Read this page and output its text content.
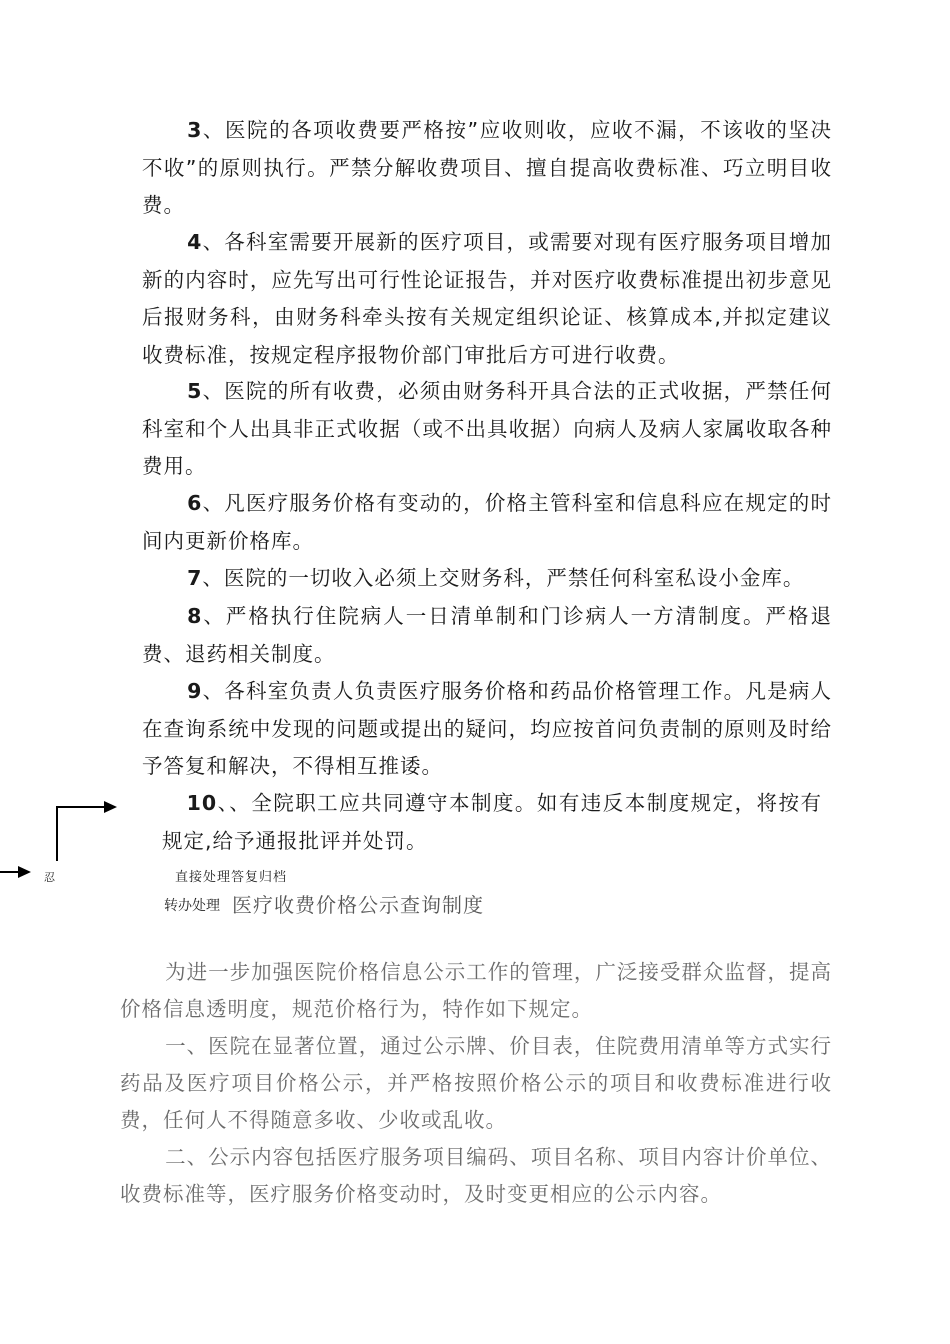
3、医院的各项收费要严格按”应收则收，应收不漏，不该收的坚决不收”的原则执行。严禁分解收费项目、擅自提高收费标准、巧立明目收费。

4、各科室需要开展新的医疗项目，或需要对现有医疗服务项目增加新的内容时，应先写出可行性论证报告，并对医疗收费标准提出初步意见后报财务科，由财务科牵头按有关规定组织论证、核算成本,并拟定建议收费标准，按规定程序报物价部门审批后方可进行收费。

5、医院的所有收费，必须由财务科开具合法的正式收据，严禁任何科室和个人出具非正式收据（或不出具收据）向病人及病人家属收取各种费用。

6、凡医疗服务价格有变动的，价格主管科室和信息科应在规定的时间内更新价格库。

7、医院的一切收入必须上交财务科，严禁任何科室私设小金库。

8、严格执行住院病人一日清单制和门诊病人一方清制度。严格退费、退药相关制度。

9、各科室负责人负责医疗服务价格和药品价格管理工作。凡是病人在查询系统中发现的问题或提出的疑问，均应按首问负责制的原则及时给予答复和解决，不得相互推诿。

10、、全院职工应共同遵守本制度。如有违反本制度规定，将按有规定,给予通报批评并处罚。

忍	直接处理答复归档
转办处理 医疗收费价格公示查询制度

为进一步加强医院价格信息公示工作的管理，广泛接受群众监督，提高价格信息透明度，规范价格行为，特作如下规定。

一、医院在显著位置，通过公示牌、价目表，住院费用清单等方式实行药品及医疗项目价格公示，并严格按照价格公示的项目和收费标准进行收费，任何人不得随意多收、少收或乱收。

二、公示内容包括医疗服务项目编码、项目名称、项目内容计价单位、收费标准等，医疗服务价格变动时，及时变更相应的公示内容。
